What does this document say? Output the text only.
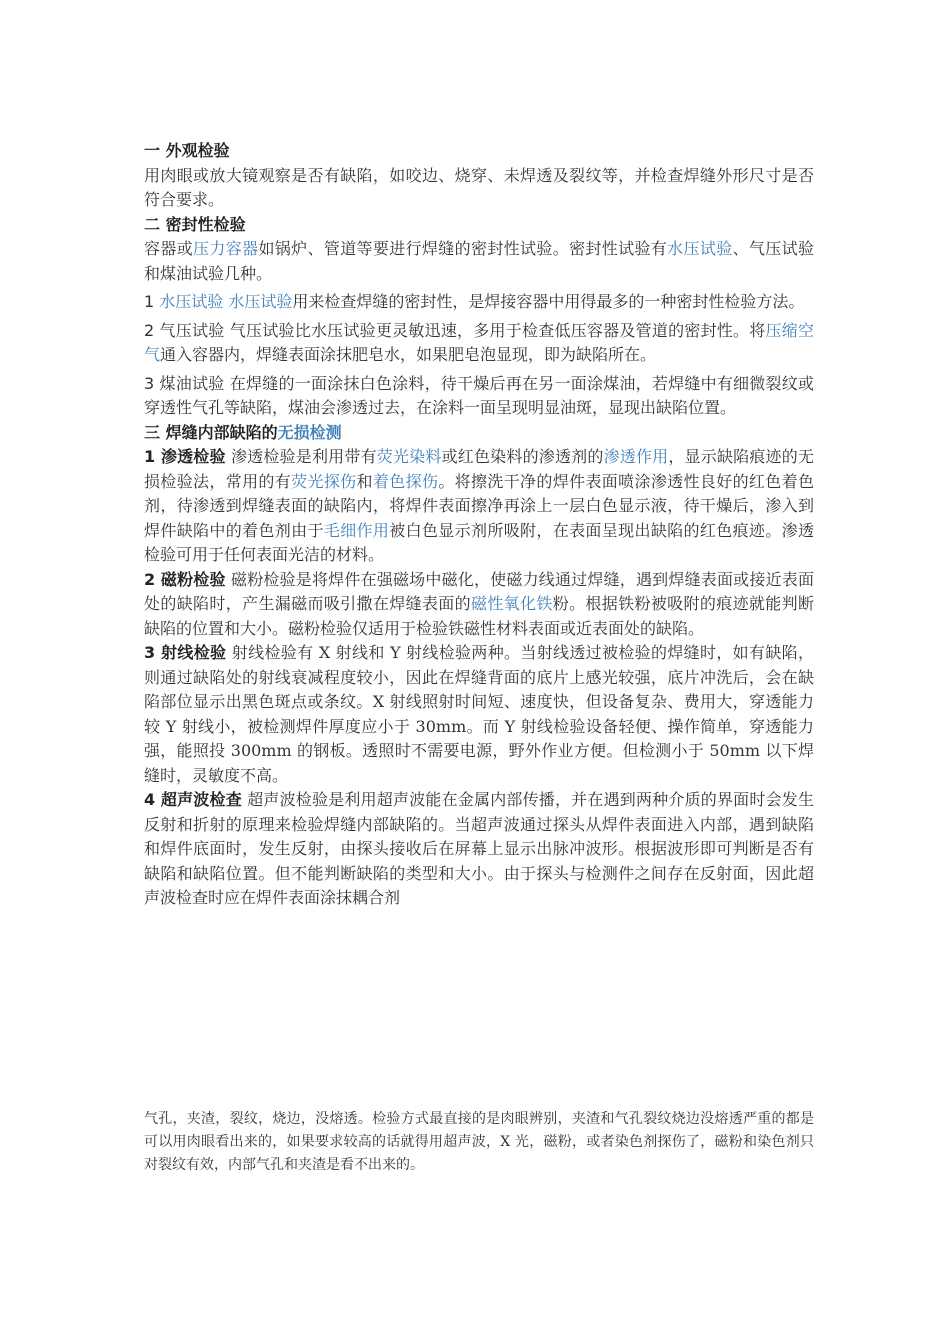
一 外观检验

用肉眼或放大镜观察是否有缺陷，如咬边、烧穿、未焊透及裂纹等，并检查焊缝外形尺寸是否符合要求。

二 密封性检验

容器或压力容器如锅炉、管道等要进行焊缝的密封性试验。密封性试验有水压试验、气压试验和煤油试验几种。

1 水压试验 水压试验用来检查焊缝的密封性，是焊接容器中用得最多的一种密封性检验方法。

2 气压试验 气压试验比水压试验更灵敏迅速，多用于检查低压容器及管道的密封性。将压缩空气通入容器内，焊缝表面涂抹肥皂水，如果肥皂泡显现，即为缺陷所在。

3 煤油试验 在焊缝的一面涂抹白色涂料，待干燥后再在另一面涂煤油，若焊缝中有细微裂纹或穿透性气孔等缺陷，煤油会渗透过去，在涂料一面呈现明显油斑，显现出缺陷位置。

三 焊缝内部缺陷的无损检测

1 渗透检验 渗透检验是利用带有荧光染料或红色染料的渗透剂的渗透作用，显示缺陷痕迹的无损检验法，常用的有荧光探伤和着色探伤。将擦洗干净的焊件表面喷涂渗透性良好的红色着色剂，待渗透到焊缝表面的缺陷内，将焊件表面擦净再涂上一层白色显示液，待干燥后，渗入到焊件缺陷中的着色剂由于毛细作用被白色显示剂所吸附，在表面呈现出缺陷的红色痕迹。渗透检验可用于任何表面光洁的材料。

2 磁粉检验 磁粉检验是将焊件在强磁场中磁化，使磁力线通过焊缝，遇到焊缝表面或接近表面处的缺陷时，产生漏磁而吸引撒在焊缝表面的磁性氧化铁粉。根据铁粉被吸附的痕迹就能判断缺陷的位置和大小。磁粉检验仅适用于检验铁磁性材料表面或近表面处的缺陷。

3 射线检验 射线检验有 X 射线和 Y 射线检验两种。当射线透过被检验的焊缝时，如有缺陷，则通过缺陷处的射线衰减程度较小，因此在焊缝背面的底片上感光较强，底片冲洗后，会在缺陷部位显示出黑色斑点或条纹。X 射线照射时间短、速度快，但设备复杂、费用大，穿透能力较 Y 射线小，被检测焊件厚度应小于 30mm。而 Y 射线检验设备轻便、操作简单，穿透能力强，能照投 300mm 的钢板。透照时不需要电源，野外作业方便。但检测小于 50mm 以下焊缝时，灵敏度不高。

4 超声波检查 超声波检验是利用超声波能在金属内部传播，并在遇到两种介质的界面时会发生反射和折射的原理来检验焊缝内部缺陷的。当超声波通过探头从焊件表面进入内部，遇到缺陷和焊件底面时，发生反射，由探头接收后在屏幕上显示出脉冲波形。根据波形即可判断是否有缺陷和缺陷位置。但不能判断缺陷的类型和大小。由于探头与检测件之间存在反射面，因此超声波检查时应在焊件表面涂抹耦合剂

气孔，夹渣，裂纹，烧边，没熔透。检验方式最直接的是肉眼辨别，夹渣和气孔裂纹烧边没熔透严重的都是可以用肉眼看出来的，如果要求较高的话就得用超声波，X 光，磁粉，或者染色剂探伤了，磁粉和染色剂只对裂纹有效，内部气孔和夹渣是看不出来的。
